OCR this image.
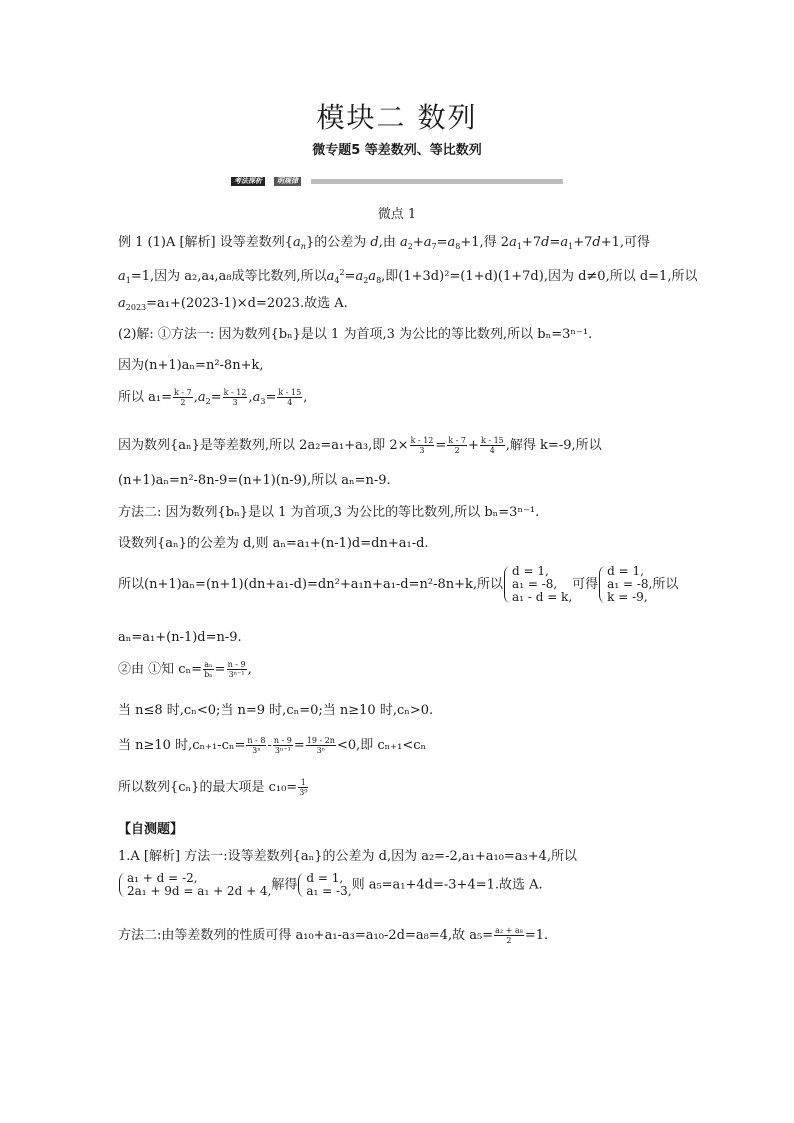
模块二 数列
微专题5 等差数列、等比数列
考法探析	明规律
微点 1
例 1 (1)A [解析] 设等差数列$\{a_n\}$的公差为 d,由 $a_2+a_7=a_8+1$,得 $2a_1+7d=a_1+7d+1$,可得
$a_1=1$,因为 a₂,a₄,a₈成等比数列,所以$a_4^2=a_2a_8$,即(1+3d)²=(1+d)(1+7d),因为 d≠0,所以 d=1,所以
$a_{2023}=a_1+(2023-1)\times d=2023$.故选 A.
(2)解: ①方法一: 因为数列{bₙ}是以 1 为首项,3 为公比的等比数列,所以 bₙ=3ⁿ⁻¹.
因为(n+1)aₙ=n²-8n+k,
所以 $a_1= \frac{k - 7}{2} ,a_2= \frac{k - 12}{3} ,a_3= \frac{k - 15}{4}$ ,
因为数列{aₙ}是等差数列,所以 2a₂=a₁+a₃,即 $2\times \frac{k - 12}{3} = \frac{k - 7}{2} + \frac{k - 15}{4}$ ,解得 k=-9,所以
(n+1)aₙ=n²-8n-9=(n+1)(n-9),所以 aₙ=n-9.
方法二: 因为数列{bₙ}是以 1 为首项,3 为公比的等比数列,所以 bₙ=3ⁿ⁻¹.
设数列{aₙ}的公差为 d,则 aₙ=a₁+(n-1)d=dn+a₁-d.
所以(n+1)aₙ=(n+1)(dn+a₁-d)=dn²+a₁n+a₁-d=n²-8n+k,所以
d = 1,
a₁ = -8,
a₁ - d = k,
可得
d = 1,
a₁ = -8,
k = -9,
所以
aₙ=a₁+(n-1)d=n-9.
②由 ①知 $c_n= \frac{\text{aₙ}}{\text{bₙ}} = \frac{n - 9}{\text{3ⁿ⁻¹}}$ ,
当 n≤8 时,cₙ<0;当 n=9 时,cₙ=0;当 n≥10 时,cₙ>0.
当 n≥10 时$,c_{n+1}-c_n= \frac{n - 8}{\text{3ⁿ}} - \frac{n - 9}{\text{3ⁿ⁻¹}} = \frac{19 - 2n}{\text{3ⁿ}} <0$,即 cₙ₊₁<cₙ
所以数列{cₙ}的最大项是 $c_{10}= \frac{1}{\text{3⁹}}$
【自测题】
1.A [解析] 方法一:设等差数列{aₙ}的公差为 d,因为 a₂=-2,a₁+a₁₀=a₃+4,所以
a₁ + d = -2,
2a₁ + 9d = a₁ + 2d + 4, 解得 d = 1,
a₁ = -3, 则 a₅=a₁+4d=-3+4=1.故选 A.
方法二:由等差数列的性质可得 a₁₀+a₁-a₃=a₁₀-2d=a₈=4,故 $a_5= \frac{\text{a₂ + a₈}}{2} =1$.
